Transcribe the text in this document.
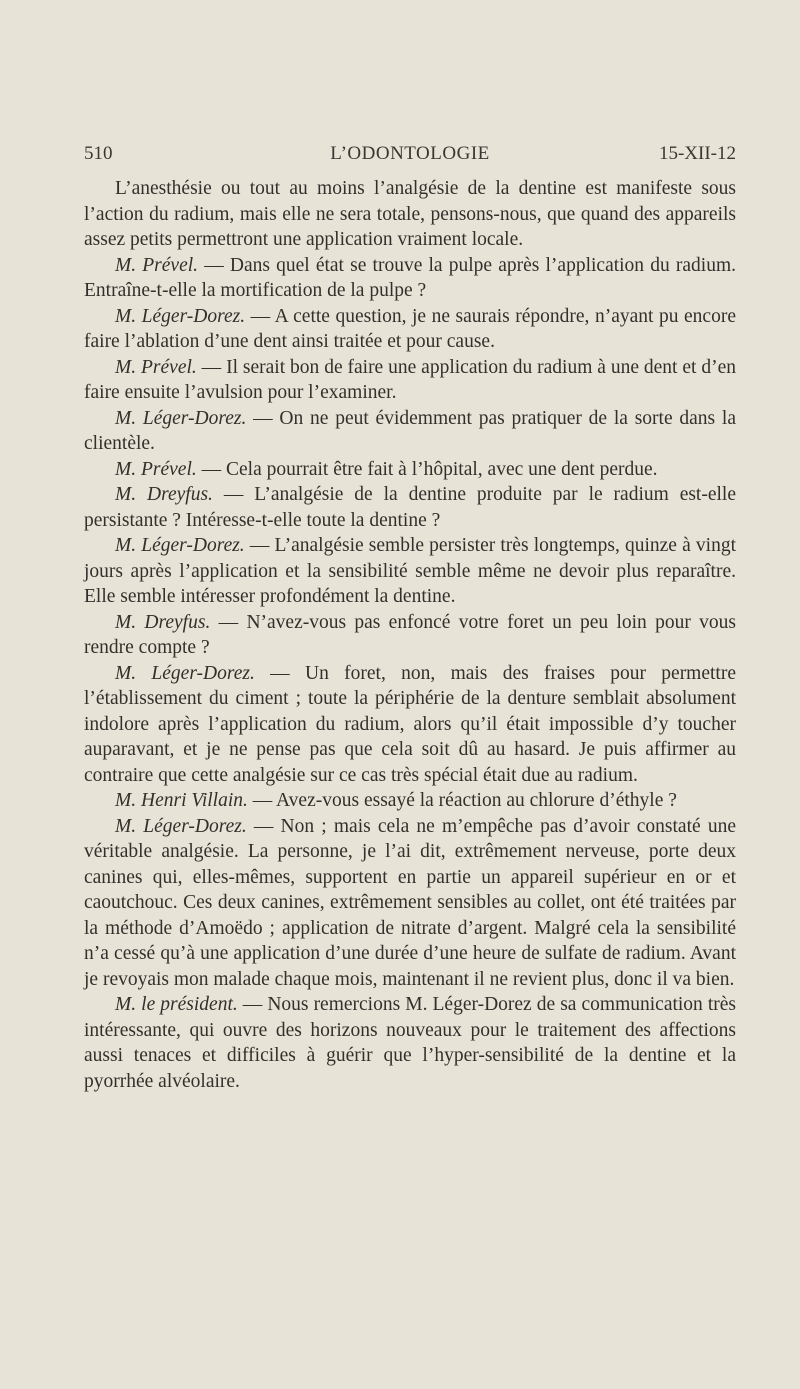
510	L’ODONTOLOGIE	15-XII-12

L’anesthésie ou tout au moins l’analgésie de la dentine est manifeste sous l’action du radium, mais elle ne sera totale, pensons-nous, que quand des appareils assez petits permettront une application vraiment locale.

M. Prével. — Dans quel état se trouve la pulpe après l’application du radium. Entraîne-t-elle la mortification de la pulpe ?

M. Léger-Dorez. — A cette question, je ne saurais répondre, n’ayant pu encore faire l’ablation d’une dent ainsi traitée et pour cause.

M. Prével. — Il serait bon de faire une application du radium à une dent et d’en faire ensuite l’avulsion pour l’examiner.

M. Léger-Dorez. — On ne peut évidemment pas pratiquer de la sorte dans la clientèle.

M. Prével. — Cela pourrait être fait à l’hôpital, avec une dent perdue.

M. Dreyfus. — L’analgésie de la dentine produite par le radium est-elle persistante ? Intéresse-t-elle toute la dentine ?

M. Léger-Dorez. — L’analgésie semble persister très longtemps, quinze à vingt jours après l’application et la sensibilité semble même ne devoir plus reparaître. Elle semble intéresser profondément la dentine.

M. Dreyfus. — N’avez-vous pas enfoncé votre foret un peu loin pour vous rendre compte ?

M. Léger-Dorez. — Un foret, non, mais des fraises pour permettre l’établissement du ciment ; toute la périphérie de la denture semblait absolument indolore après l’application du radium, alors qu’il était impossible d’y toucher auparavant, et je ne pense pas que cela soit dû au hasard. Je puis affirmer au contraire que cette analgésie sur ce cas très spécial était due au radium.

M. Henri Villain. — Avez-vous essayé la réaction au chlorure d’éthyle ?

M. Léger-Dorez. — Non ; mais cela ne m’empêche pas d’avoir constaté une véritable analgésie. La personne, je l’ai dit, extrêmement nerveuse, porte deux canines qui, elles-mêmes, supportent en partie un appareil supérieur en or et caoutchouc. Ces deux canines, extrêmement sensibles au collet, ont été traitées par la méthode d’Amoëdo ; application de nitrate d’argent. Malgré cela la sensibilité n’a cessé qu’à une application d’une durée d’une heure de sulfate de radium. Avant je revoyais mon malade chaque mois, maintenant il ne revient plus, donc il va bien.

M. le président. — Nous remercions M. Léger-Dorez de sa communication très intéressante, qui ouvre des horizons nouveaux pour le traitement des affections aussi tenaces et difficiles à guérir que l’hyper-sensibilité de la dentine et la pyorrhée alvéolaire.
